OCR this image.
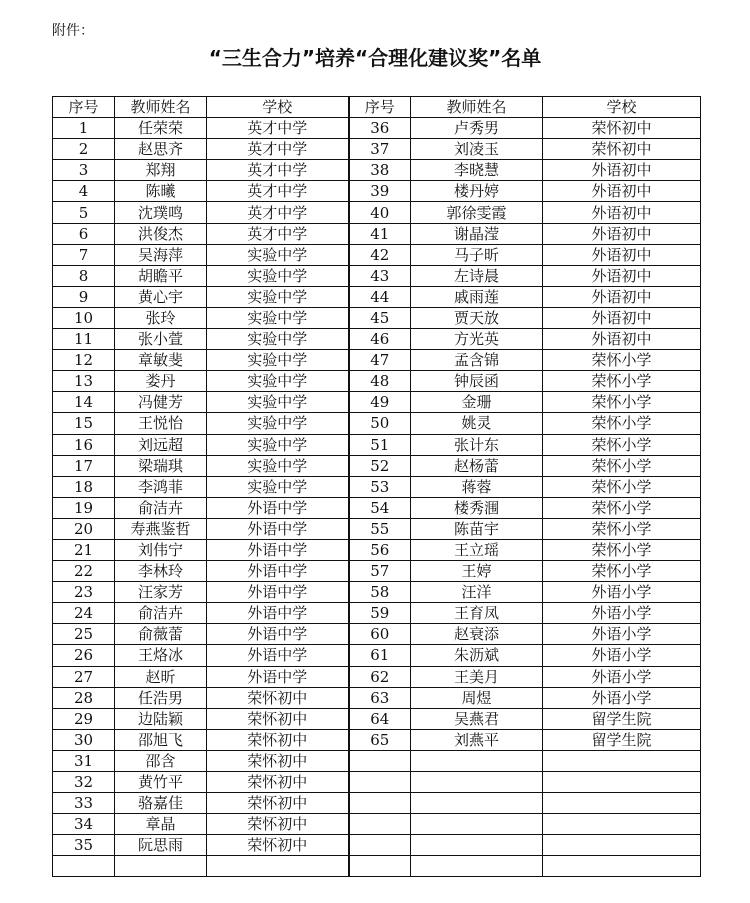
附件：
“三生合力”培养“合理化建议奖”名单
序号	教师姓名	学校	序号	教师姓名	学校
1	任荣荣	英才中学	36	卢秀男	荣怀初中
2	赵思齐	英才中学	37	刘凌玉	荣怀初中
3	郑翔	英才中学	38	李晓慧	外语初中
4	陈曦	英才中学	39	楼丹婷	外语初中
5	沈璞鸣	英才中学	40	郭徐雯霞	外语初中
6	洪俊杰	英才中学	41	谢晶滢	外语初中
7	吴海萍	实验中学	42	马子昕	外语初中
8	胡瞻平	实验中学	43	左诗晨	外语初中
9	黄心宇	实验中学	44	戚雨莲	外语初中
10	张玲	实验中学	45	贾天放	外语初中
11	张小萱	实验中学	46	方光英	外语初中
12	章敏斐	实验中学	47	孟含锦	荣怀小学
13	娄丹	实验中学	48	钟辰函	荣怀小学
14	冯健芳	实验中学	49	金珊	荣怀小学
15	王悦怡	实验中学	50	姚灵	荣怀小学
16	刘远超	实验中学	51	张计东	荣怀小学
17	梁瑞琪	实验中学	52	赵杨蕾	荣怀小学
18	李鸿菲	实验中学	53	蒋蓉	荣怀小学
19	俞洁卉	外语中学	54	楼秀涠	荣怀小学
20	寿燕鉴哲	外语中学	55	陈苗宇	荣怀小学
21	刘伟宁	外语中学	56	王立瑶	荣怀小学
22	李林玲	外语中学	57	王婷	荣怀小学
23	汪家芳	外语中学	58	汪洋	外语小学
24	俞洁卉	外语中学	59	王育凤	外语小学
25	俞薇蕾	外语中学	60	赵衰添	外语小学
26	王烙冰	外语中学	61	朱沥斌	外语小学
27	赵昕	外语中学	62	王美月	外语小学
28	任浩男	荣怀初中	63	周煜	外语小学
29	边陆颖	荣怀初中	64	吴燕君	留学生院
30	邵旭飞	荣怀初中	65	刘燕平	留学生院
31	邵含	荣怀初中			
32	黄竹平	荣怀初中			
33	骆嘉佳	荣怀初中			
34	章晶	荣怀初中			
35	阮思雨	荣怀初中			
